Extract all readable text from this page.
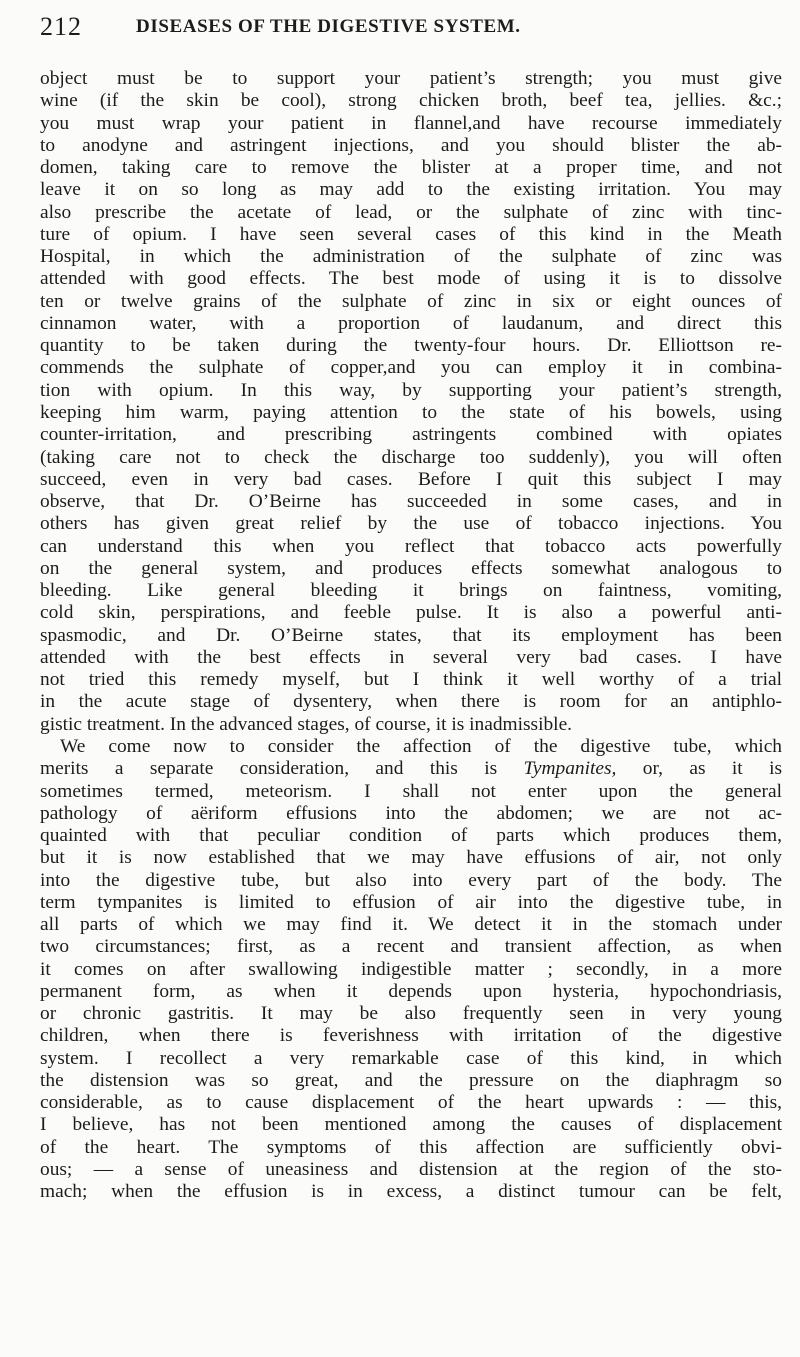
212	DISEASES OF THE DIGESTIVE SYSTEM.
object must be to support your patient’s strength; you must give
wine (if the skin be cool), strong chicken broth, beef tea, jellies. &c.;
you must wrap your patient in flannel,and have recourse immediately
to anodyne and astringent injections, and you should blister the ab-
domen, taking care to remove the blister at a proper time, and not
leave it on so long as may add to the existing irritation. You may
also prescribe the acetate of lead, or the sulphate of zinc with tinc-
ture of opium. I have seen several cases of this kind in the Meath
Hospital, in which the administration of the sulphate of zinc was
attended with good effects. The best mode of using it is to dissolve
ten or twelve grains of the sulphate of zinc in six or eight ounces of
cinnamon water, with a proportion of laudanum, and direct this
quantity to be taken during the twenty-four hours. Dr. Elliottson re-
commends the sulphate of copper,and you can employ it in combina-
tion with opium. In this way, by supporting your patient’s strength,
keeping him warm, paying attention to the state of his bowels, using
counter-irritation, and prescribing astringents combined with opiates
(taking care not to check the discharge too suddenly), you will often
succeed, even in very bad cases. Before I quit this subject I may
observe, that Dr. O’Beirne has succeeded in some cases, and in
others has given great relief by the use of tobacco injections. You
can understand this when you reflect that tobacco acts powerfully
on the general system, and produces effects somewhat analogous to
bleeding. Like general bleeding it brings on faintness, vomiting,
cold skin, perspirations, and feeble pulse. It is also a powerful anti-
spasmodic, and Dr. O’Beirne states, that its employment has been
attended with the best effects in several very bad cases. I have
not tried this remedy myself, but I think it well worthy of a trial
in the acute stage of dysentery, when there is room for an antiphlo-
gistic treatment. In the advanced stages, of course, it is inadmissible.
We come now to consider the affection of the digestive tube, which
merits a separate consideration, and this is Tympanites, or, as it is
sometimes termed, meteorism. I shall not enter upon the general
pathology of aëriform effusions into the abdomen; we are not ac-
quainted with that peculiar condition of parts which produces them,
but it is now established that we may have effusions of air, not only
into the digestive tube, but also into every part of the body. The
term tympanites is limited to effusion of air into the digestive tube, in
all parts of which we may find it. We detect it in the stomach under
two circumstances; first, as a recent and transient affection, as when
it comes on after swallowing indigestible matter ; secondly, in a more
permanent form, as when it depends upon hysteria, hypochondriasis,
or chronic gastritis. It may be also frequently seen in very young
children, when there is feverishness with irritation of the digestive
system. I recollect a very remarkable case of this kind, in which
the distension was so great, and the pressure on the diaphragm so
considerable, as to cause displacement of the heart upwards : — this,
I believe, has not been mentioned among the causes of displacement
of the heart. The symptoms of this affection are sufficiently obvi-
ous; — a sense of uneasiness and distension at the region of the sto-
mach; when the effusion is in excess, a distinct tumour can be felt,
